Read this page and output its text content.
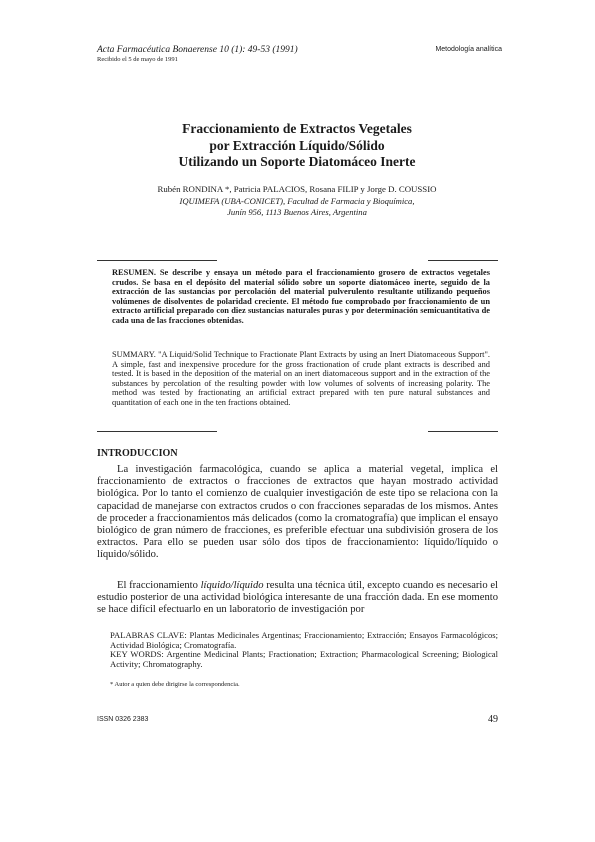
Acta Farmacéutica Bonaerense 10 (1): 49-53 (1991)
Recibido el 5 de mayo de 1991
Metodología analítica
Fraccionamiento de Extractos Vegetales
por Extracción Líquido/Sólido
Utilizando un Soporte Diatomáceo Inerte
Rubén RONDINA *, Patricia PALACIOS, Rosana FILIP y Jorge D. COUSSIO
IQUIMEFA (UBA-CONICET), Facultad de Farmacia y Bioquímica,
Junín 956, 1113 Buenos Aires, Argentina
RESUMEN. Se describe y ensaya un método para el fraccionamiento grosero de extractos vegetales crudos. Se basa en el depósito del material sólido sobre un soporte diatomáceo inerte, seguido de la extracción de las sustancias por percolación del material pulverulento resultante utilizando pequeños volúmenes de disolventes de polaridad creciente. El método fue comprobado por fraccionamiento de un extracto artificial preparado con diez sustancias naturales puras y por determinación semicuantitativa de cada una de las fracciones obtenidas.
SUMMARY. "A Liquid/Solid Technique to Fractionate Plant Extracts by using an Inert Diatomaceous Support". A simple, fast and inexpensive procedure for the gross fractionation of crude plant extracts is described and tested. It is based in the deposition of the material on an inert diatomaceous support and in the extraction of the substances by percolation of the resulting powder with low volumes of solvents of increasing polarity. The method was tested by fractionating an artificial extract prepared with ten pure natural substances and quantitation of each one in the ten fractions obtained.
INTRODUCCION
La investigación farmacológica, cuando se aplica a material vegetal, implica el fraccionamiento de extractos o fracciones de extractos que hayan mostrado actividad biológica. Por lo tanto el comienzo de cualquier investigación de este tipo se relaciona con la capacidad de manejarse con extractos crudos o con fracciones separadas de los mismos. Antes de proceder a fraccionamientos más delicados (como la cromatografía) que implican el ensayo biológico de gran número de fracciones, es preferible efectuar una subdivisión grosera de los extractos. Para ello se pueden usar sólo dos tipos de fraccionamiento: líquido/líquido o líquido/sólido.
El fraccionamiento líquido/líquido resulta una técnica útil, excepto cuando es necesario el estudio posterior de una actividad biológica interesante de una fracción dada. En ese momento se hace difícil efectuarlo en un laboratorio de investigación por
PALABRAS CLAVE: Plantas Medicinales Argentinas; Fraccionamiento; Extracción; Ensayos Farmacológicos; Actividad Biológica; Cromatografía.
KEY WORDS: Argentine Medicinal Plants; Fractionation; Extraction; Pharmacological Screening; Biological Activity; Chromatography.
* Autor a quien debe dirigirse la correspondencia.
ISSN 0326 2383	49
